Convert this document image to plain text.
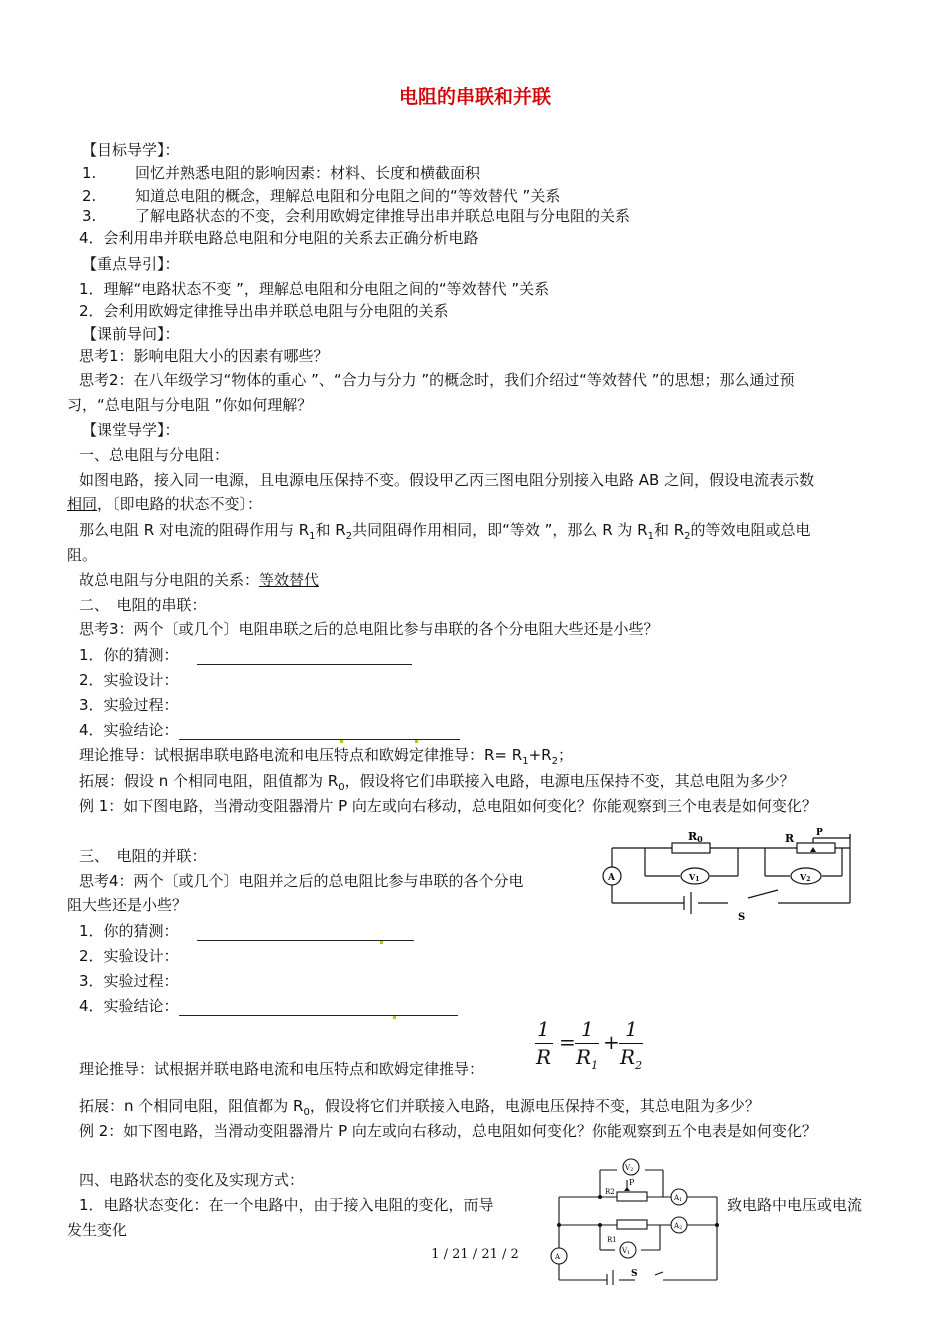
电阻的串联和并联
【目标导学】：
1.	回忆并熟悉电阻的影响因素：材料、长度和横截面积
2.	知道总电阻的概念，理解总电阻和分电阻之间的“等效替代 ”关系
3.	了解电路状态的不变，会利用欧姆定律推导出串并联总电阻与分电阻的关系
4．会利用串并联电路总电阻和分电阻的关系去正确分析电路
【重点导引】：
1．理解“电路状态不变 ”，理解总电阻和分电阻之间的“等效替代 ”关系
2．会利用欧姆定律推导出串并联总电阻与分电阻的关系
【课前导问】：
思考1：影响电阻大小的因素有哪些？
思考2：在八年级学习“物体的重心 ”、“合力与分力 ”的概念时，我们介绍过“等效替代 ”的思想；那么通过预
习，“总电阻与分电阻 ”你如何理解？
【课堂导学】：
一、总电阻与分电阻：
如图电路，接入同一电源，且电源电压保持不变。假设甲乙丙三图电阻分别接入电路 AB 之间，假设电流表示数
相同，〔即电路的状态不变〕：
那么电阻 R 对电流的阻碍作用与 $R_1$和 $R_2$共同阻碍作用相同，即“等效 ”，那么 R 为 $R_1$和 $R_2$的等效电阻或总电
阻。
故总电阻与分电阻的关系：等效替代
二、　电阻的串联：
思考3：两个〔或几个〕电阻串联之后的总电阻比参与串联的各个分电阻大些还是小些？
1．你的猜测：
2．实验设计：
3．实验过程：
4．实验结论：
理论推导：试根据串联电路电流和电压特点和欧姆定律推导：$R= R_1+R_2$；
拓展：假设 n 个相同电阻，阻值都为 $R_0$，假设将它们串联接入电路，电源电压保持不变，其总电阻为多少？
例 1：如下图电路，当滑动变阻器滑片 P 向左或向右移动，总电阻如何变化？你能观察到三个电表是如何变化？
三、　电阻的并联：
思考4：两个〔或几个〕电阻并之后的总电阻比参与串联的各个分电
阻大些还是小些？
1．你的猜测：
2．实验设计：
3．实验过程：
4．实验结论：
1
R
=
1
$R_1$
+
1
$R_2$
理论推导：试根据并联电路电流和电压特点和欧姆定律推导：
拓展：n 个相同电阻，阻值都为 $R_0$，假设将它们并联接入电路，电源电压保持不变，其总电阻为多少？
例 2：如下图电路，当滑动变阻器滑片 P 向左或向右移动，总电阻如何变化？你能观察到五个电表是如何变化？
四、电路状态的变化及实现方式：
1．电路状态变化：在一个电路中，由于接入电阻的变化，而导	致电路中电压或电流
发生变化
R0	R P
A	V1	V2
S
V2
P
R2
A1
A2
R1
V1
A
S
1 / 21 / 21 / 2
